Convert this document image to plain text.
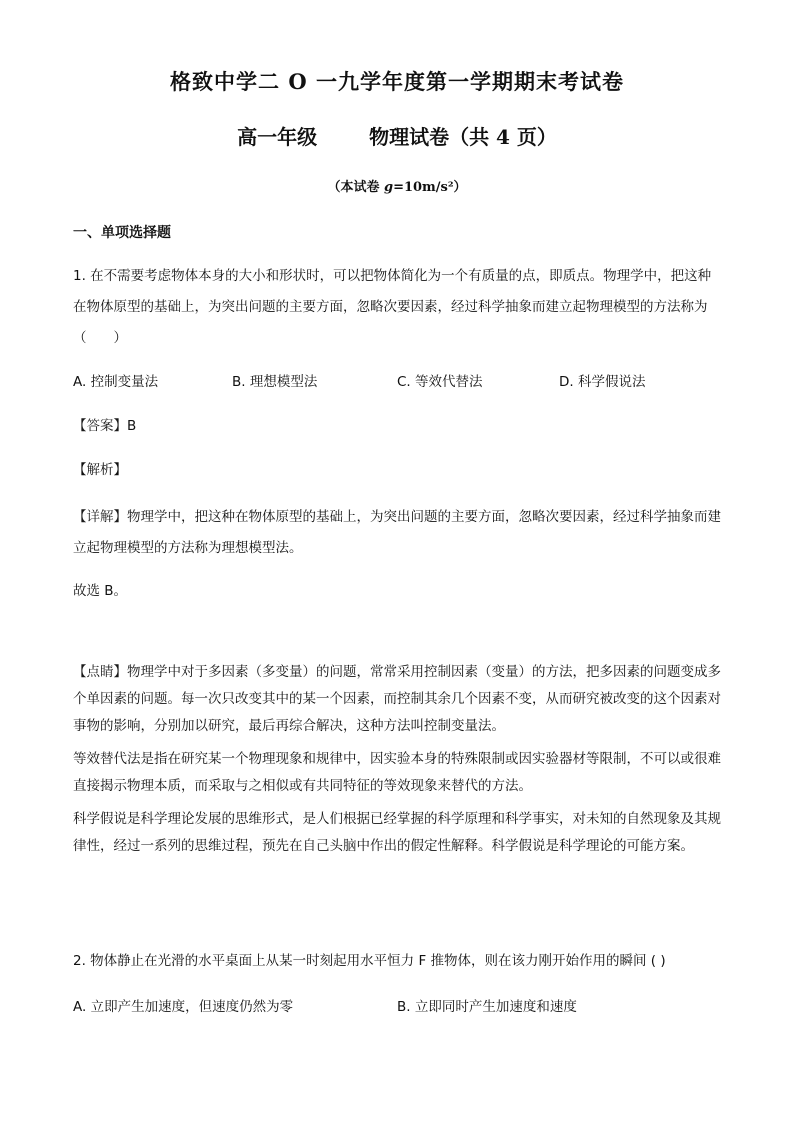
格致中学二 O 一九学年度第一学期期末考试卷
高一年级	物理试卷（共 4 页）
（本试卷 g=10m/s²）
一、单项选择题
1. 在不需要考虑物体本身的大小和形状时，可以把物体简化为一个有质量的点，即质点。物理学中，把这种在物体原型的基础上，为突出问题的主要方面，忽略次要因素，经过科学抽象而建立起物理模型的方法称为（　　）
A. 控制变量法	B. 理想模型法	C. 等效代替法	D. 科学假说法
【答案】B
【解析】
【详解】物理学中，把这种在物体原型的基础上，为突出问题的主要方面，忽略次要因素，经过科学抽象而建立起物理模型的方法称为理想模型法。
故选 B。
【点睛】物理学中对于多因素（多变量）的问题，常常采用控制因素（变量）的方法，把多因素的问题变成多个单因素的问题。每一次只改变其中的某一个因素，而控制其余几个因素不变，从而研究被改变的这个因素对事物的影响，分别加以研究，最后再综合解决，这种方法叫控制变量法。
等效替代法是指在研究某一个物理现象和规律中，因实验本身的特殊限制或因实验器材等限制，不可以或很难直接揭示物理本质，而采取与之相似或有共同特征的等效现象来替代的方法。
科学假说是科学理论发展的思维形式，是人们根据已经掌握的科学原理和科学事实，对未知的自然现象及其规律性，经过一系列的思维过程，预先在自己头脑中作出的假定性解释。科学假说是科学理论的可能方案。
2. 物体静止在光滑的水平桌面上从某一时刻起用水平恒力 F 推物体，则在该力刚开始作用的瞬间 ( )
A. 立即产生加速度，但速度仍然为零	B. 立即同时产生加速度和速度
